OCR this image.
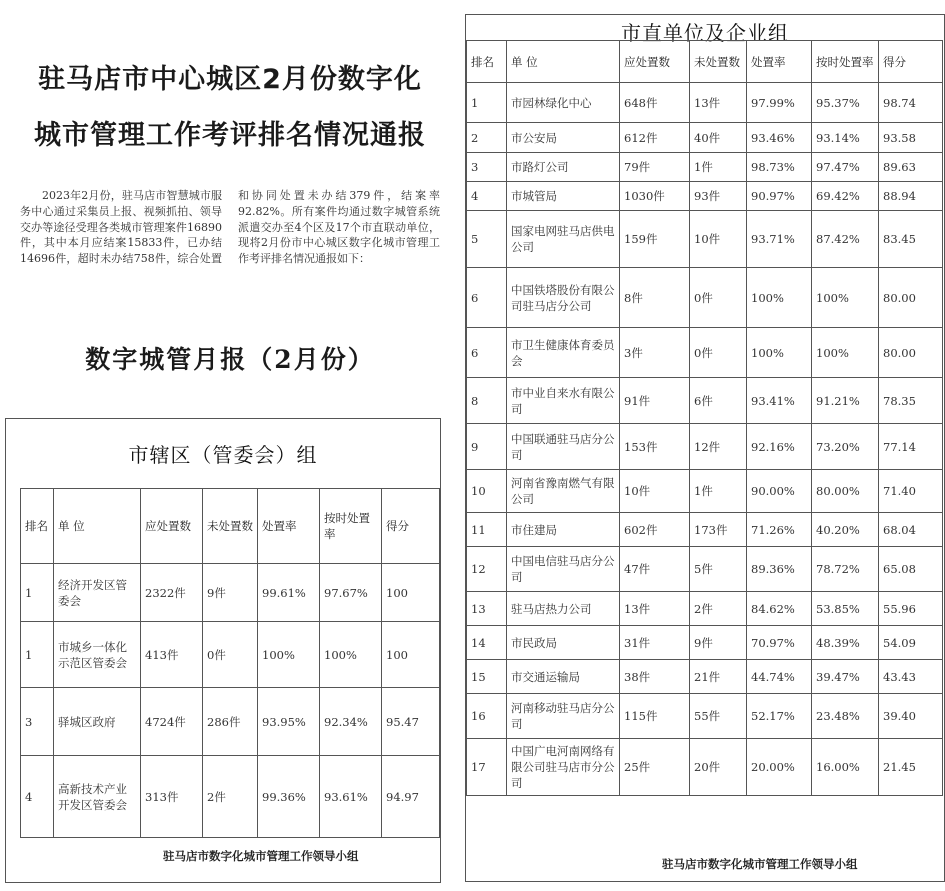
驻马店市中心城区2月份数字化
城市管理工作考评排名情况通报

2023年2月份，驻马店市智慧城市服务中心通过采集员上报、视频抓拍、领导交办等途径受理各类城市管理案件16890件，其中本月应结案15833件，已办结14696件，超时未办结758件，综合处置和协同处置未办结379件，结案率92.82%。所有案件均通过数字城管系统派遣交办至4个区及17个市直联动单位，现将2月份市中心城区数字化城市管理工作考评排名情况通报如下：

数字城管月报（2月份）
市辖区（管委会）组
驻马店市数字化城市管理工作领导小组
排名	单 位	应处置数	未处置数	处置率	按时处置率	得分
1	经济开发区管委会	2322件	9件	99.61%	97.67%	100
1	市城乡一体化示范区管委会	413件	0件	100%	100%	100
3	驿城区政府	4724件	286件	93.95%	92.34%	95.47
4	高新技术产业开发区管委会	313件	2件	99.36%	93.61%	94.97
市直单位及企业组
驻马店市数字化城市管理工作领导小组
排名	单 位	应处置数	未处置数	处置率	按时处置率	得分
1	市园林绿化中心	648件	13件	97.99%	95.37%	98.74
2	市公安局	612件	40件	93.46%	93.14%	93.58
3	市路灯公司	79件	1件	98.73%	97.47%	89.63
4	市城管局	1030件	93件	90.97%	69.42%	88.94
5	国家电网驻马店供电公司	159件	10件	93.71%	87.42%	83.45
6	中国铁塔股份有限公司驻马店分公司	8件	0件	100%	100%	80.00
6	市卫生健康体育委员会	3件	0件	100%	100%	80.00
8	市中业自来水有限公司	91件	6件	93.41%	91.21%	78.35
9	中国联通驻马店分公司	153件	12件	92.16%	73.20%	77.14
10	河南省豫南燃气有限公司	10件	1件	90.00%	80.00%	71.40
11	市住建局	602件	173件	71.26%	40.20%	68.04
12	中国电信驻马店分公司	47件	5件	89.36%	78.72%	65.08
13	驻马店热力公司	13件	2件	84.62%	53.85%	55.96
14	市民政局	31件	9件	70.97%	48.39%	54.09
15	市交通运输局	38件	21件	44.74%	39.47%	43.43
16	河南移动驻马店分公司	115件	55件	52.17%	23.48%	39.40
17	中国广电河南网络有限公司驻马店市分公司	25件	20件	20.00%	16.00%	21.45
